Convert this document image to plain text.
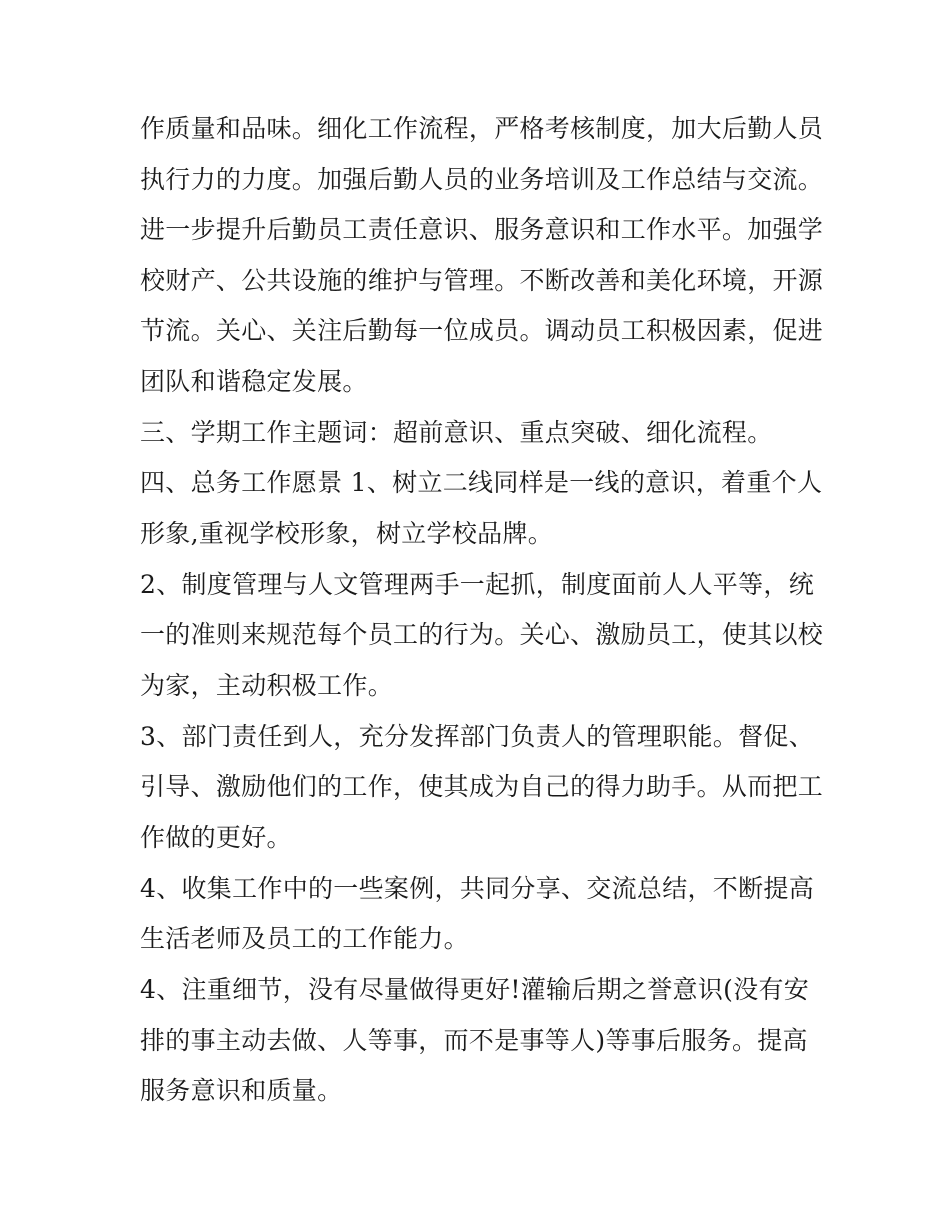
作质量和品味。细化工作流程，严格考核制度，加大后勤人员
执行力的力度。加强后勤人员的业务培训及工作总结与交流。
进一步提升后勤员工责任意识、服务意识和工作水平。加强学
校财产、公共设施的维护与管理。不断改善和美化环境，开源
节流。关心、关注后勤每一位成员。调动员工积极因素，促进
团队和谐稳定发展。
三、学期工作主题词：超前意识、重点突破、细化流程。
四、总务工作愿景 1、树立二线同样是一线的意识，着重个人
形象,重视学校形象，树立学校品牌。
2、制度管理与人文管理两手一起抓，制度面前人人平等，统
一的准则来规范每个员工的行为。关心、激励员工，使其以校
为家，主动积极工作。
3、部门责任到人，充分发挥部门负责人的管理职能。督促、
引导、激励他们的工作，使其成为自己的得力助手。从而把工
作做的更好。
4、收集工作中的一些案例，共同分享、交流总结，不断提高
生活老师及员工的工作能力。
4、注重细节，没有尽量做得更好!灌输后期之誉意识(没有安
排的事主动去做、人等事，而不是事等人)等事后服务。提高
服务意识和质量。
